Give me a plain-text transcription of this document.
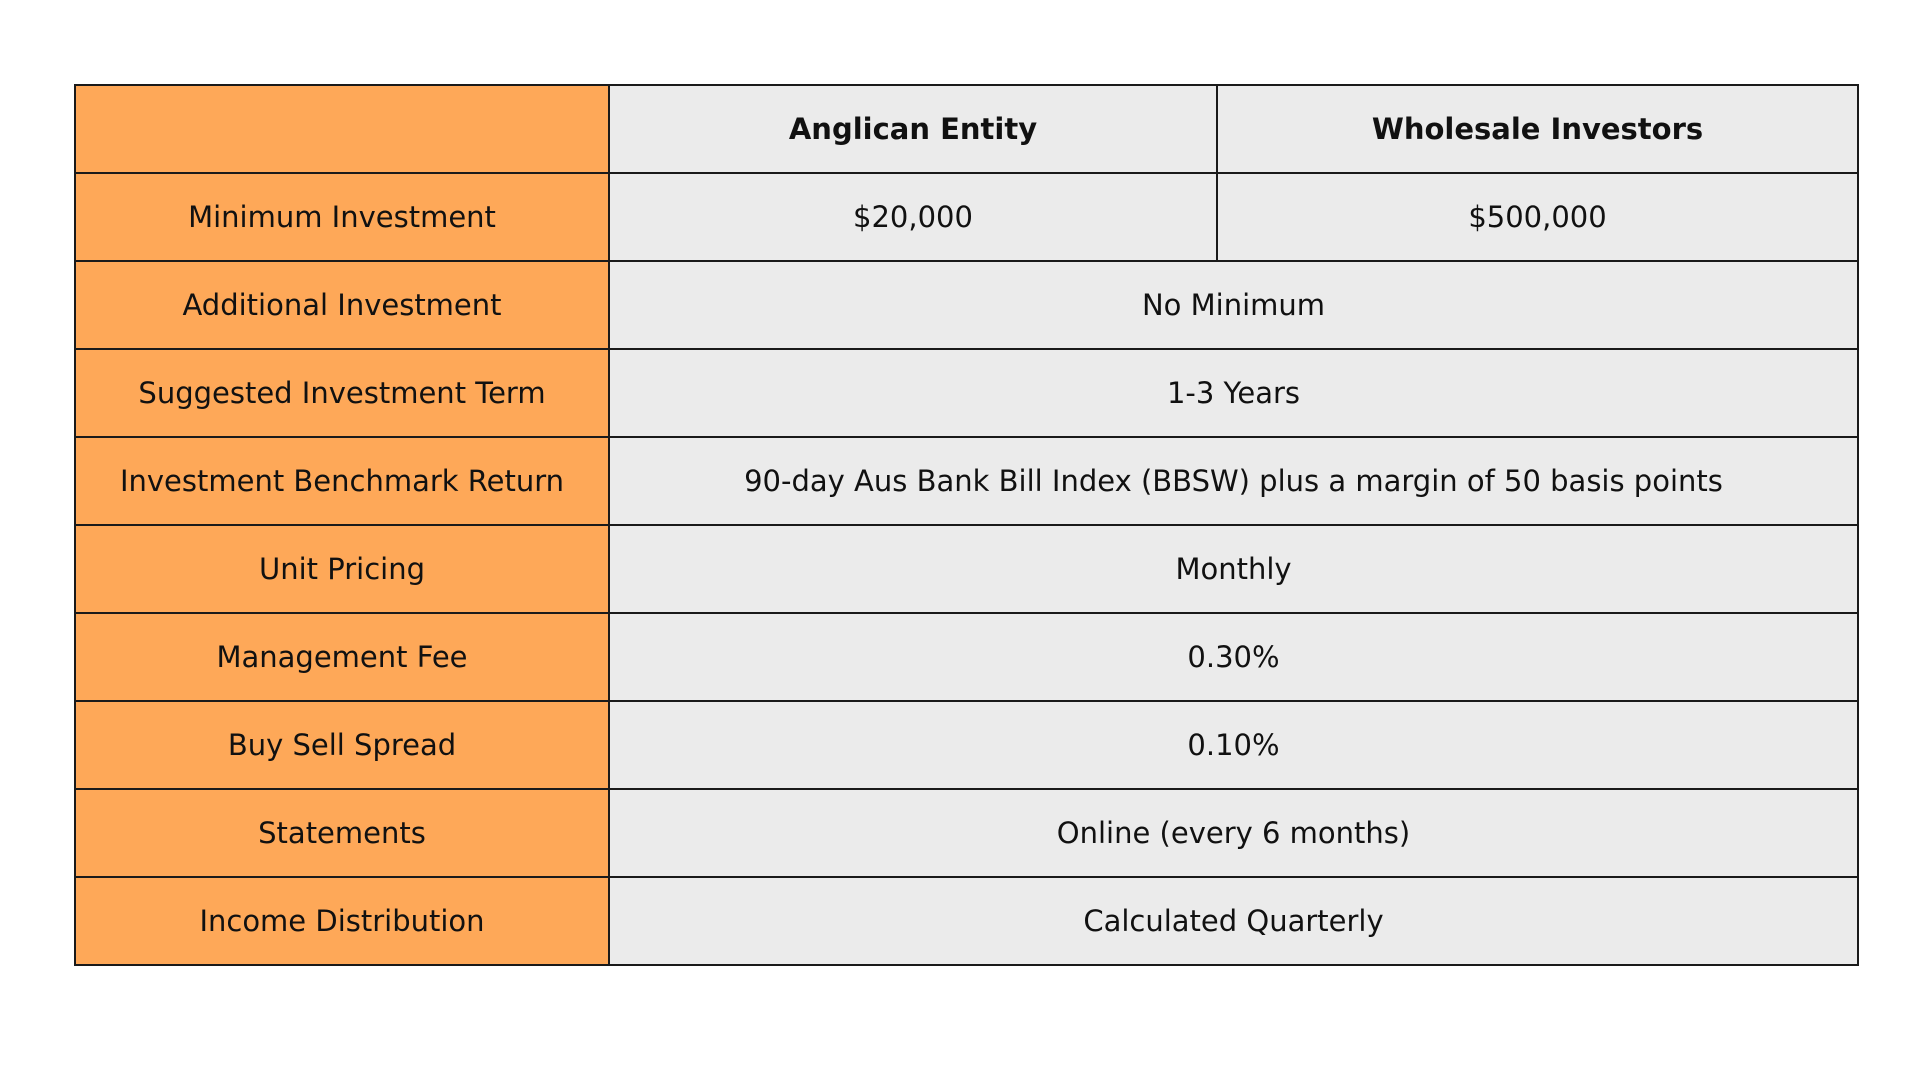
	Anglican Entity	Wholesale Investors
Minimum Investment	$20,000	$500,000
Additional Investment	No Minimum	
Suggested Investment Term	1-3 Years	
Investment Benchmark Return	90-day Aus Bank Bill Index (BBSW) plus a margin of 50 basis points	
Unit Pricing	Monthly	
Management Fee	0.30%	
Buy Sell Spread	0.10%	
Statements	Online (every 6 months)	
Income Distribution	Calculated Quarterly	
